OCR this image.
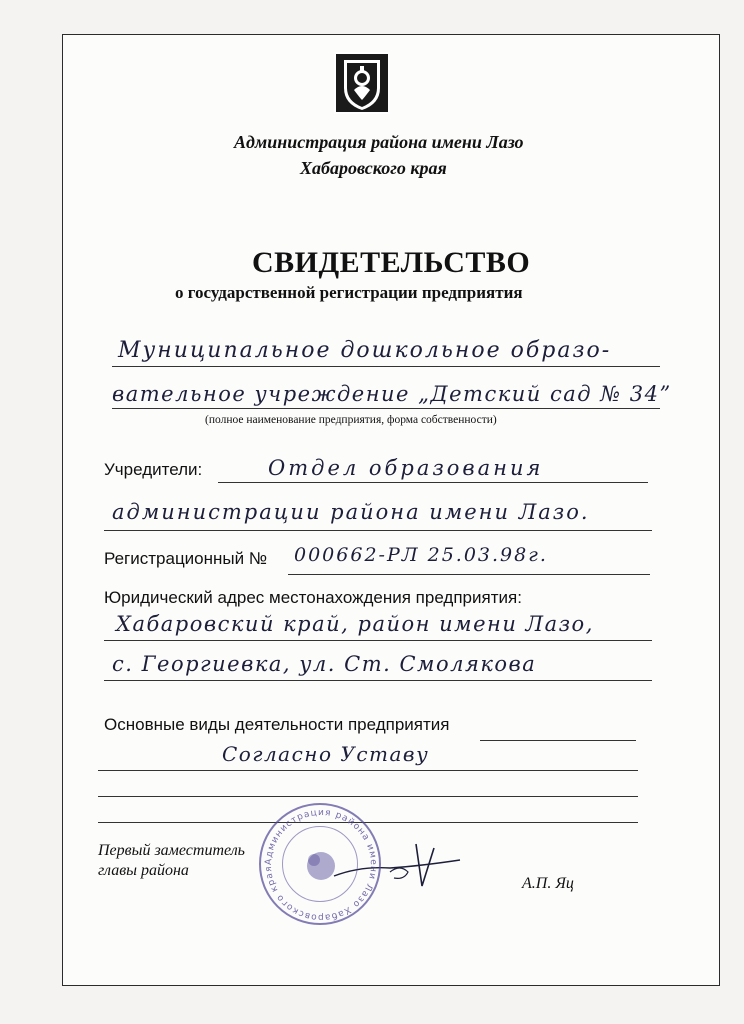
Администрация района имени Лазо
Хабаровского края
СВИДЕТЕЛЬСТВО
о государственной регистрации предприятия
Муниципальное дошкольное образо-
вательное учреждение „Детский сад № 34”
(полное наименование предприятия, форма собственности)
Учредители:	Отдел образования
администрации района имени Лазо.
Регистрационный № 000662-РЛ 25.03.98г.
Юридический адрес местонахождения предприятия:
Хабаровский край, район имени Лазо,
с. Георгиевка, ул. Ст. Смолякова
Основные виды деятельности предприятия
Согласно Уставу
Первый заместитель
главы района
А.П. Яц
Администрация района имени Лазо Хабаровского края
